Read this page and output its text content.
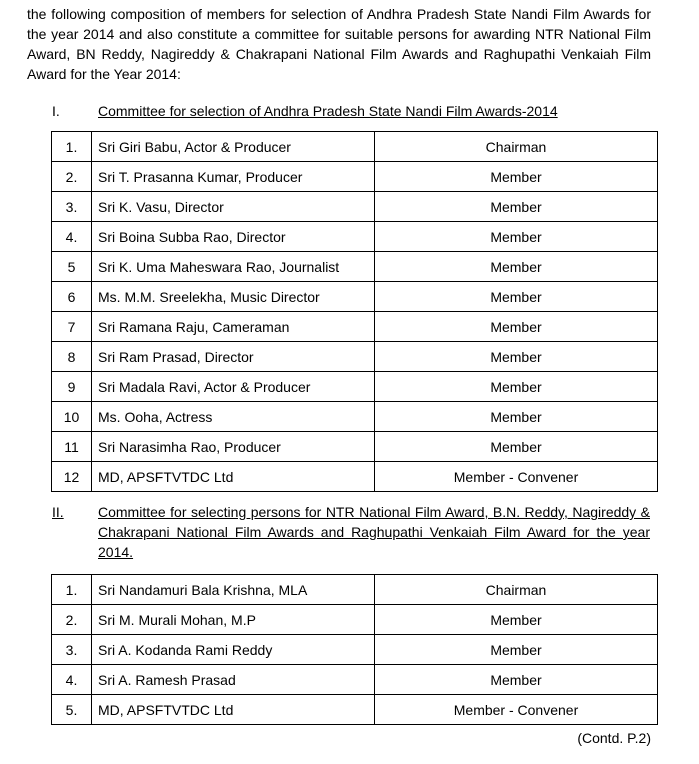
the following composition of members for selection of Andhra Pradesh State Nandi Film Awards for the year 2014 and also constitute a committee for suitable persons for awarding NTR National Film Award, BN Reddy, Nagireddy & Chakrapani National Film Awards and Raghupathi Venkaiah Film Award for the Year 2014:

I.	Committee for selection of Andhra Pradesh State Nandi Film Awards-2014
1.	Sri Giri Babu, Actor & Producer	Chairman
2.	Sri T. Prasanna Kumar, Producer	Member
3.	Sri K. Vasu, Director	Member
4.	Sri Boina Subba Rao, Director	Member
5	Sri K. Uma Maheswara Rao, Journalist	Member
6	Ms. M.M. Sreelekha, Music Director	Member
7	Sri Ramana Raju, Cameraman	Member
8	Sri Ram Prasad, Director	Member
9	Sri Madala Ravi, Actor & Producer	Member
10	Ms. Ooha, Actress	Member
11	Sri Narasimha Rao, Producer	Member
12	MD, APSFTVTDC Ltd	Member - Convener
II. Committee for selecting persons for NTR National Film Award, B.N. Reddy, Nagireddy & Chakrapani National Film Awards and Raghupathi Venkaiah Film Award for the year 2014.
1.	Sri Nandamuri Bala Krishna, MLA	Chairman
2.	Sri M. Murali Mohan, M.P	Member
3.	Sri A. Kodanda Rami Reddy	Member
4.	Sri A. Ramesh Prasad	Member
5.	MD, APSFTVTDC Ltd	Member - Convener
(Contd. P.2)
